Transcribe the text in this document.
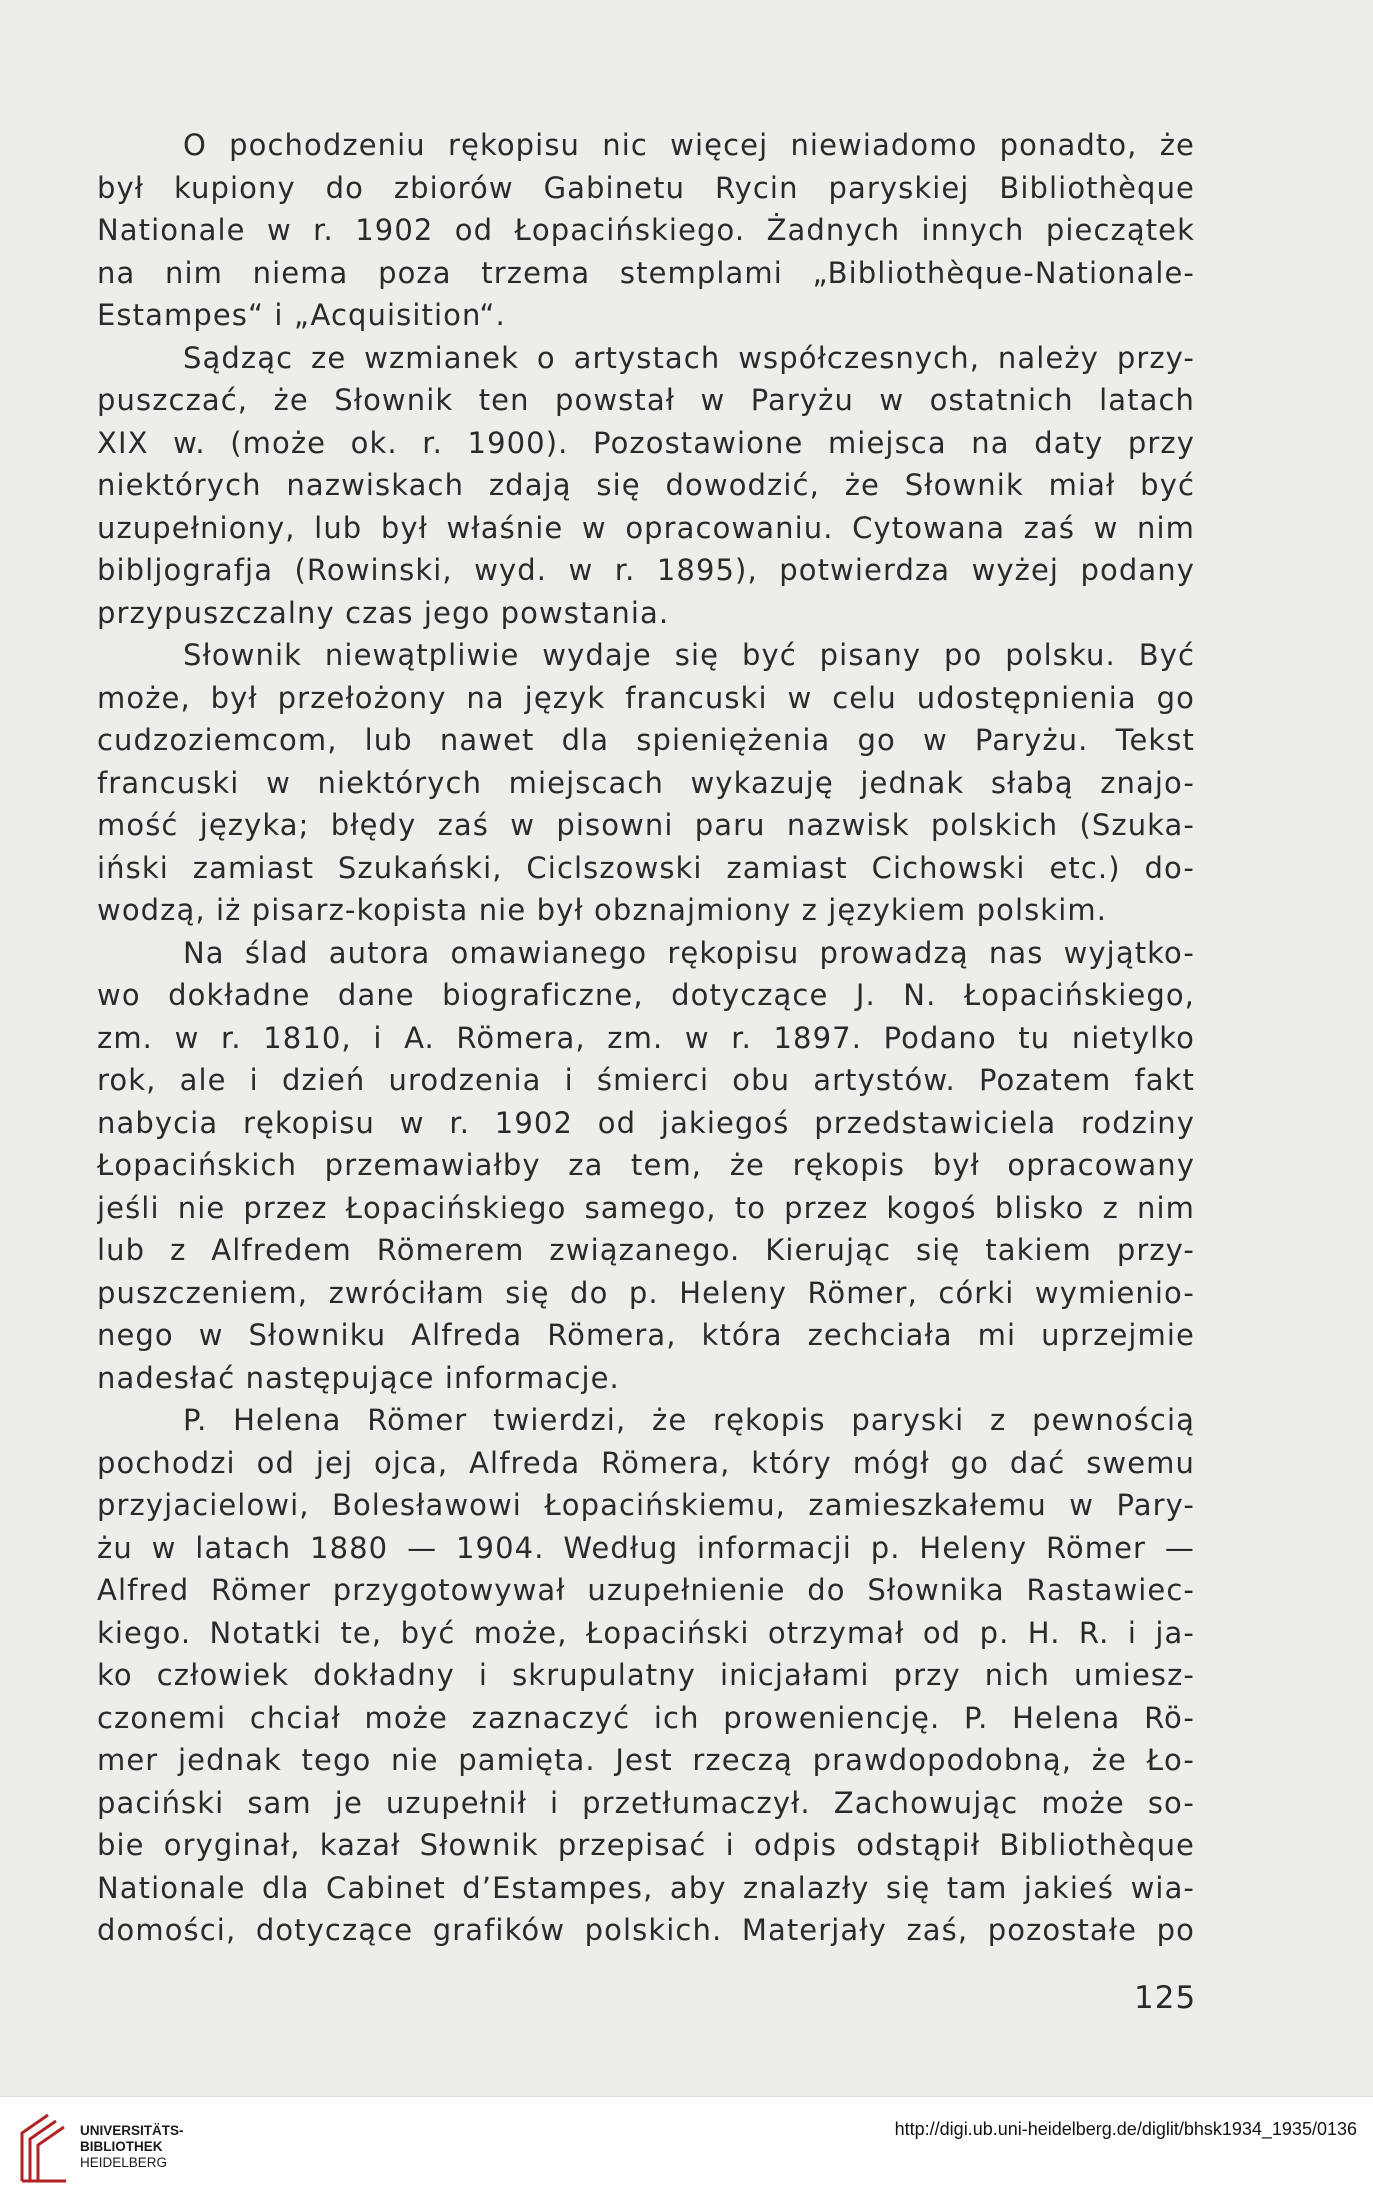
O pochodzeniu rękopisu nic więcej niewiadomo ponadto, że
był kupiony do zbiorów Gabinetu Rycin paryskiej Bibliothèque
Nationale w r. 1902 od Łopacińskiego. Żadnych innych pieczątek
na nim niema poza trzema stemplami „Bibliothèque-Nationale-
Estampes“ i „Acquisition“.
Sądząc ze wzmianek o artystach współczesnych, należy przy-
puszczać, że Słownik ten powstał w Paryżu w ostatnich latach
XIX w. (może ok. r. 1900). Pozostawione miejsca na daty przy
niektórych nazwiskach zdają się dowodzić, że Słownik miał być
uzupełniony, lub był właśnie w opracowaniu. Cytowana zaś w nim
bibljografja (Rowinski, wyd. w r. 1895), potwierdza wyżej podany
przypuszczalny czas jego powstania.
Słownik niewątpliwie wydaje się być pisany po polsku. Być
może, był przełożony na język francuski w celu udostępnienia go
cudzoziemcom, lub nawet dla spieniężenia go w Paryżu. Tekst
francuski w niektórych miejscach wykazuję jednak słabą znajo-
mość języka; błędy zaś w pisowni paru nazwisk polskich (Szuka-
iński zamiast Szukański, Ciclszowski zamiast Cichowski etc.) do-
wodzą, iż pisarz-kopista nie był obznajmiony z językiem polskim.
Na ślad autora omawianego rękopisu prowadzą nas wyjątko-
wo dokładne dane biograficzne, dotyczące J. N. Łopacińskiego,
zm. w r. 1810, i A. Römera, zm. w r. 1897. Podano tu nietylko
rok, ale i dzień urodzenia i śmierci obu artystów. Pozatem fakt
nabycia rękopisu w r. 1902 od jakiegoś przedstawiciela rodziny
Łopacińskich przemawiałby za tem, że rękopis był opracowany
jeśli nie przez Łopacińskiego samego, to przez kogoś blisko z nim
lub z Alfredem Römerem związanego. Kierując się takiem przy-
puszczeniem, zwróciłam się do p. Heleny Römer, córki wymienio-
nego w Słowniku Alfreda Römera, która zechciała mi uprzejmie
nadesłać następujące informacje.
P. Helena Römer twierdzi, że rękopis paryski z pewnością
pochodzi od jej ojca, Alfreda Römera, który mógł go dać swemu
przyjacielowi, Bolesławowi Łopacińskiemu, zamieszkałemu w Pary-
żu w latach 1880 — 1904. Według informacji p. Heleny Römer —
Alfred Römer przygotowywał uzupełnienie do Słownika Rastawiec-
kiego. Notatki te, być może, Łopaciński otrzymał od p. H. R. i ja-
ko człowiek dokładny i skrupulatny inicjałami przy nich umiesz-
czonemi chciał może zaznaczyć ich proweniencję. P. Helena Rö-
mer jednak tego nie pamięta. Jest rzeczą prawdopodobną, że Ło-
paciński sam je uzupełnił i przetłumaczył. Zachowując może so-
bie oryginał, kazał Słownik przepisać i odpis odstąpił Bibliothèque
Nationale dla Cabinet d’Estampes, aby znalazły się tam jakieś wia-
domości, dotyczące grafików polskich. Materjały zaś, pozostałe po
125
UNIVERSITÄTS-
BIBLIOTHEK
HEIDELBERG
http://digi.ub.uni-heidelberg.de/diglit/bhsk1934_1935/0136
